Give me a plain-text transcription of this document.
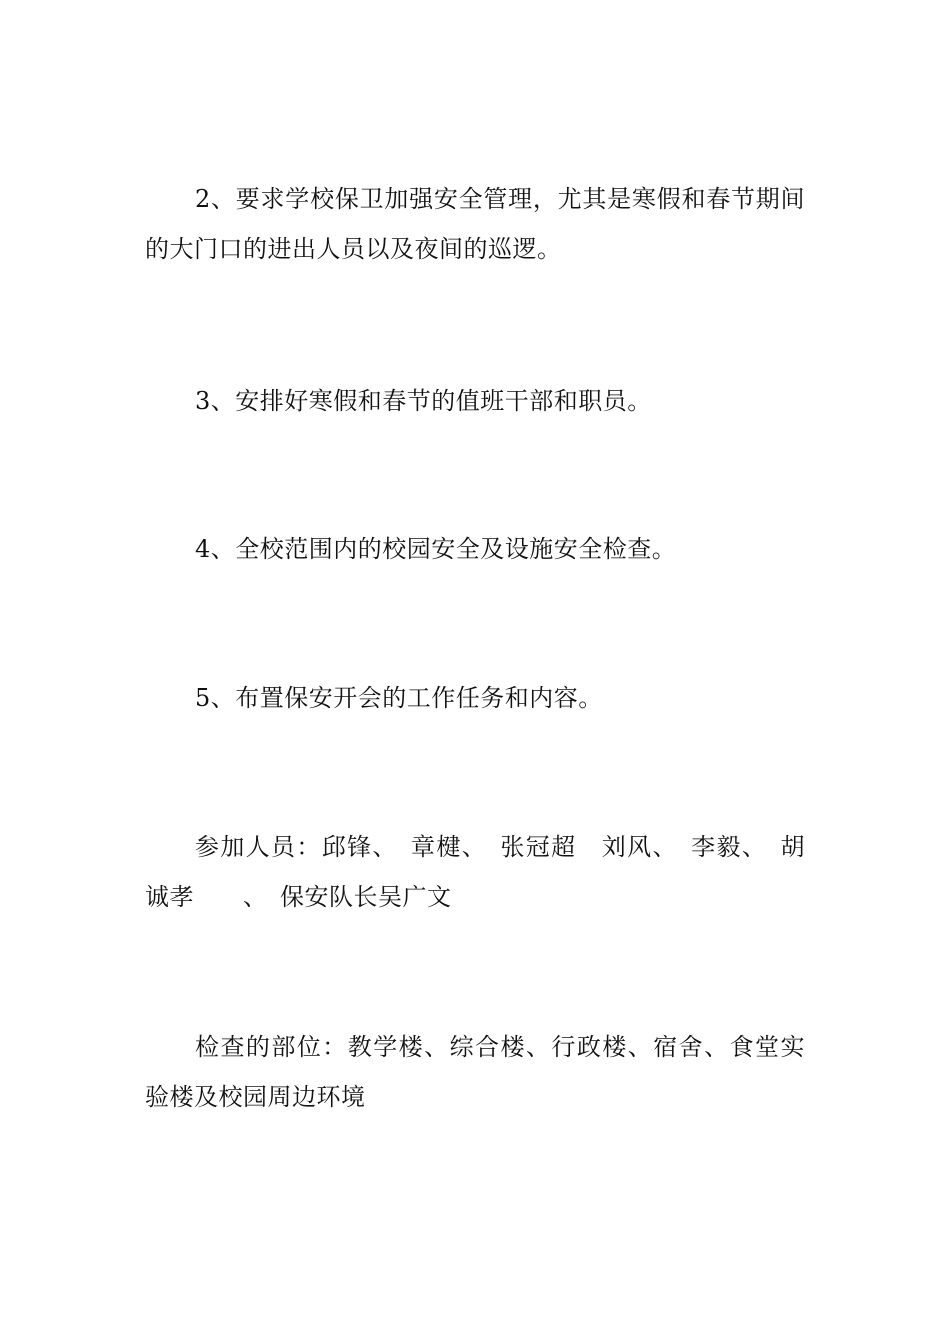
2、要求学校保卫加强安全管理，尤其是寒假和春节期间的大门口的进出人员以及夜间的巡逻。

3、安排好寒假和春节的值班干部和职员。

4、全校范围内的校园安全及设施安全检查。

5、布置保安开会的工作任务和内容。

参加人员：邱锋、　章楗、　张冠超　刘风、　李毅、　胡诚孝　　、　保安队长吴广文

检查的部位：教学楼、综合楼、行政楼、宿舍、食堂实验楼及校园周边环境
